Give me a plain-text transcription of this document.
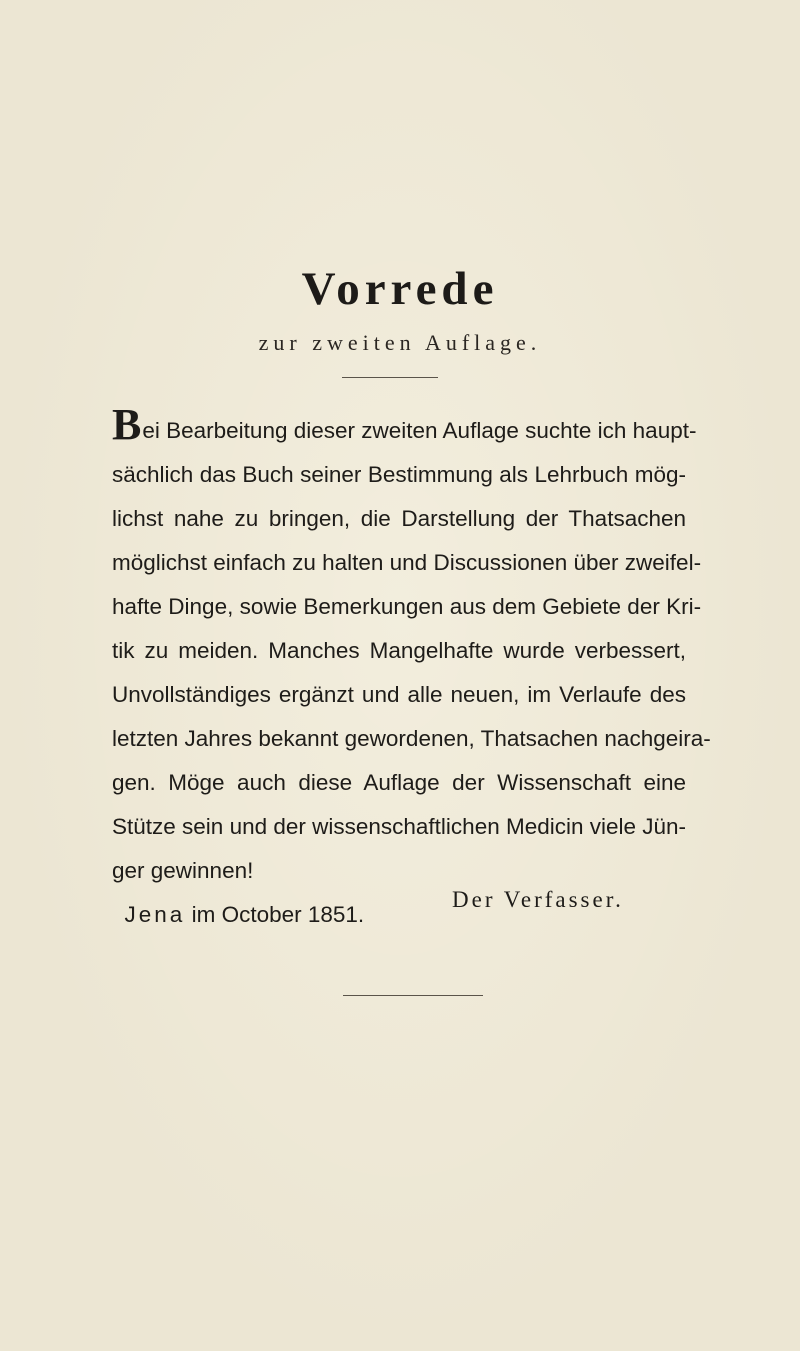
Vorrede
zur zweiten Auflage.
Bei Bearbeitung dieser zweiten Auflage suchte ich haupt-
sächlich das Buch seiner Bestimmung als Lehrbuch mög-
lichst nahe zu bringen, die Darstellung der Thatsachen
möglichst einfach zu halten und Discussionen über zweifel-
hafte Dinge, sowie Bemerkungen aus dem Gebiete der Kri-
tik zu meiden. Manches Mangelhafte wurde verbessert,
Unvollständiges ergänzt und alle neuen, im Verlaufe des
letzten Jahres bekannt gewordenen, Thatsachen nachgeira-
gen. Möge auch diese Auflage der Wissenschaft eine
Stütze sein und der wissenschaftlichen Medicin viele Jün-
ger gewinnen!
Jena im October 1851.
Der Verfasser.
